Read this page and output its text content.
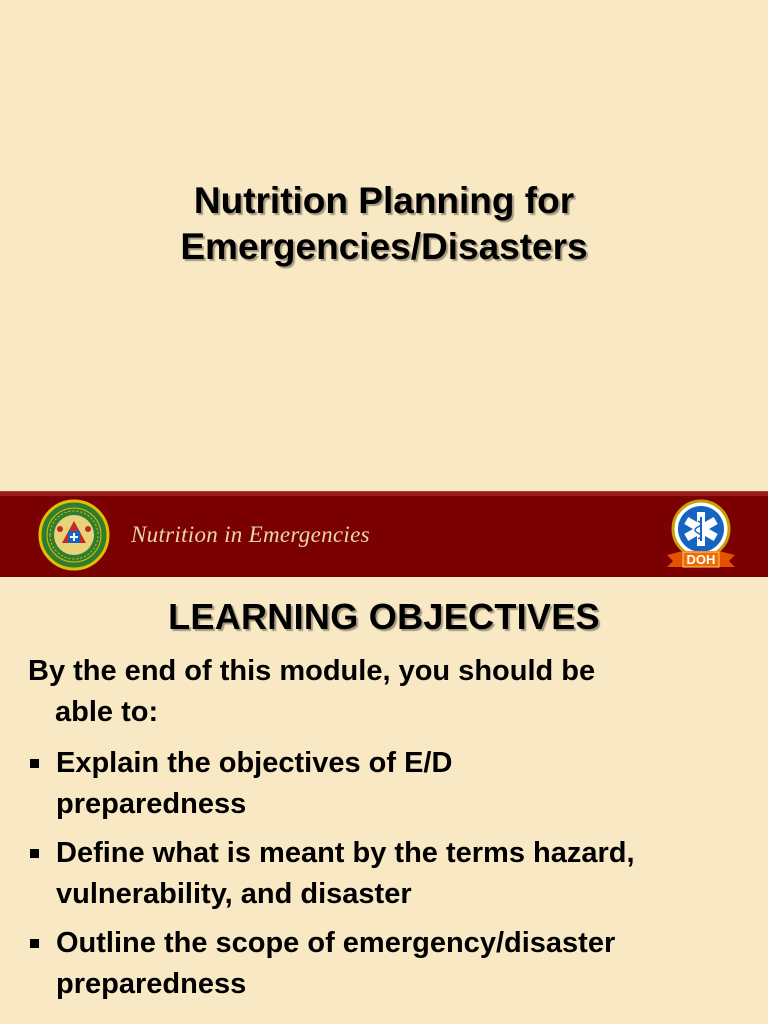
Nutrition Planning for
Emergencies/Disasters
Nutrition in Emergencies
DOH
LEARNING OBJECTIVES
By the end of this module, you should be
able to:
Explain the objectives of E/D
preparedness
Define what is meant by the terms hazard,
vulnerability, and disaster
Outline the scope of emergency/disaster
preparedness
